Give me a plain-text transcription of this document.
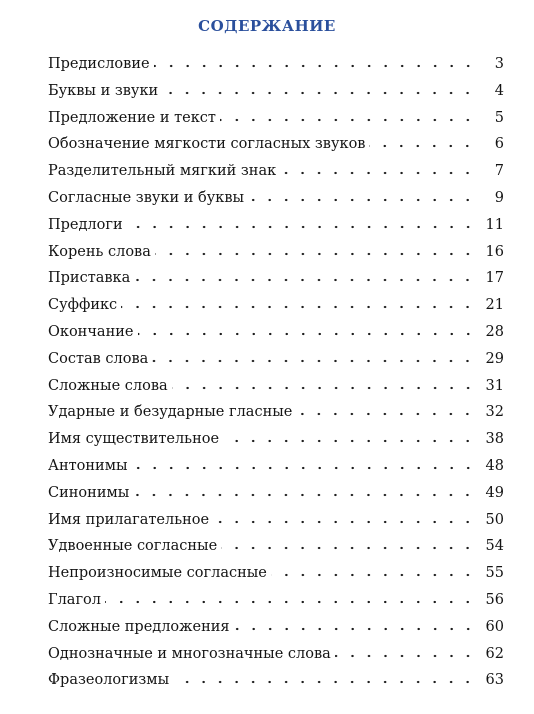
СОДЕРЖАНИЕ
Предисловие	3
Буквы и звуки	4
Предложение и текст	5
Обозначение мягкости согласных звуков	6
Разделительный мягкий знак	7
Согласные звуки и буквы	9
Предлоги	11
Корень слова	16
Приставка	17
Суффикс	21
Окончание	28
Состав слова	29
Сложные слова	31
Ударные и безударные гласные	32
Имя существительное	38
Антонимы	48
Синонимы	49
Имя прилагательное	50
Удвоенные согласные	54
Непроизносимые согласные	55
Глагол	56
Сложные предложения	60
Однозначные и многозначные слова	62
Фразеологизмы	63
